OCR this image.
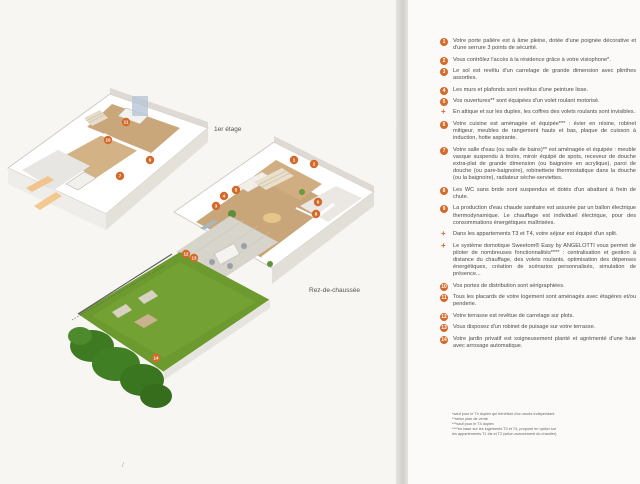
1
2
3
4
5
6
7
8
9
10
11
12
13
14
1er étage
Rez-de-chaussée
/
1	Votre porte palière est à âme pleine, dotée d'une poignée décorative et d'une serrure 3 points de sécurité.
2	Vous contrôlez l'accès à la résidence grâce à votre visiophone*.
3	Le sol est revêtu d'un carrelage de grande dimension avec plinthes assorties.
4	Les murs et plafonds sont revêtus d'une peinture lisse.
5	Vos ouvertures** sont équipées d'un volet roulant motorisé.
+ En attique et sur les duplex, les coffres des volets roulants sont invisibles.
6	Votre cuisine est aménagée et équipée*** : évier en résine, robinet mitigeur, meubles de rangement hauts et bas, plaque de cuisson à induction, hotte aspirante.
7	Votre salle d'eau (ou salle de bains)** est aménagée et équipée : meuble vasque suspendu à tiroirs, miroir équipé de spots, receveur de douche extra-plat de grande dimension (ou baignoire en acrylique), paroi de douche (ou pare-baignoire), robinetterie thermostatique dans la douche (ou la baignoire), radiateur sèche-serviettes.
8	Les WC sans bride sont suspendus et dotés d'un abattant à frein de chute.
9	La production d'eau chaude sanitaire est assurée par un ballon électrique thermodynamique. Le chauffage est individuel électrique, pour des consommations énergétiques maîtrisées.
+ Dans les appartements T3 et T4, votre séjour est équipé d'un split.
+ Le système domotique Sweetom® Easy by ANGELOTTI vous permet de piloter de nombreuses fonctionnalités**** : centralisation et gestion à distance du chauffage, des volets roulants, optimisation des dépenses énergétiques, création de scénarios personnalisés, simulation de présence...
10 Vos portes de distribution sont sérigraphiées.
11 Tous les placards de votre logement sont aménagés avec étagères et/ou penderie.
12 Votre terrasse est revêtue de carrelage sur plots.
13 Vous disposez d'un robinet de puisage sur votre terrasse.
14 Votre jardin privatif est soigneusement planté et agrémenté d'une haie avec arrosage automatique.
*sauf pour le T4 duplex qui bénéficie d'un accès indépendant
**selon plan de vente
***sauf pour le T4 duplex
****en base sur les logements T3 et T4, proposé en option sur
les appartements T1 bis et T2 (selon avancement du chantier)
